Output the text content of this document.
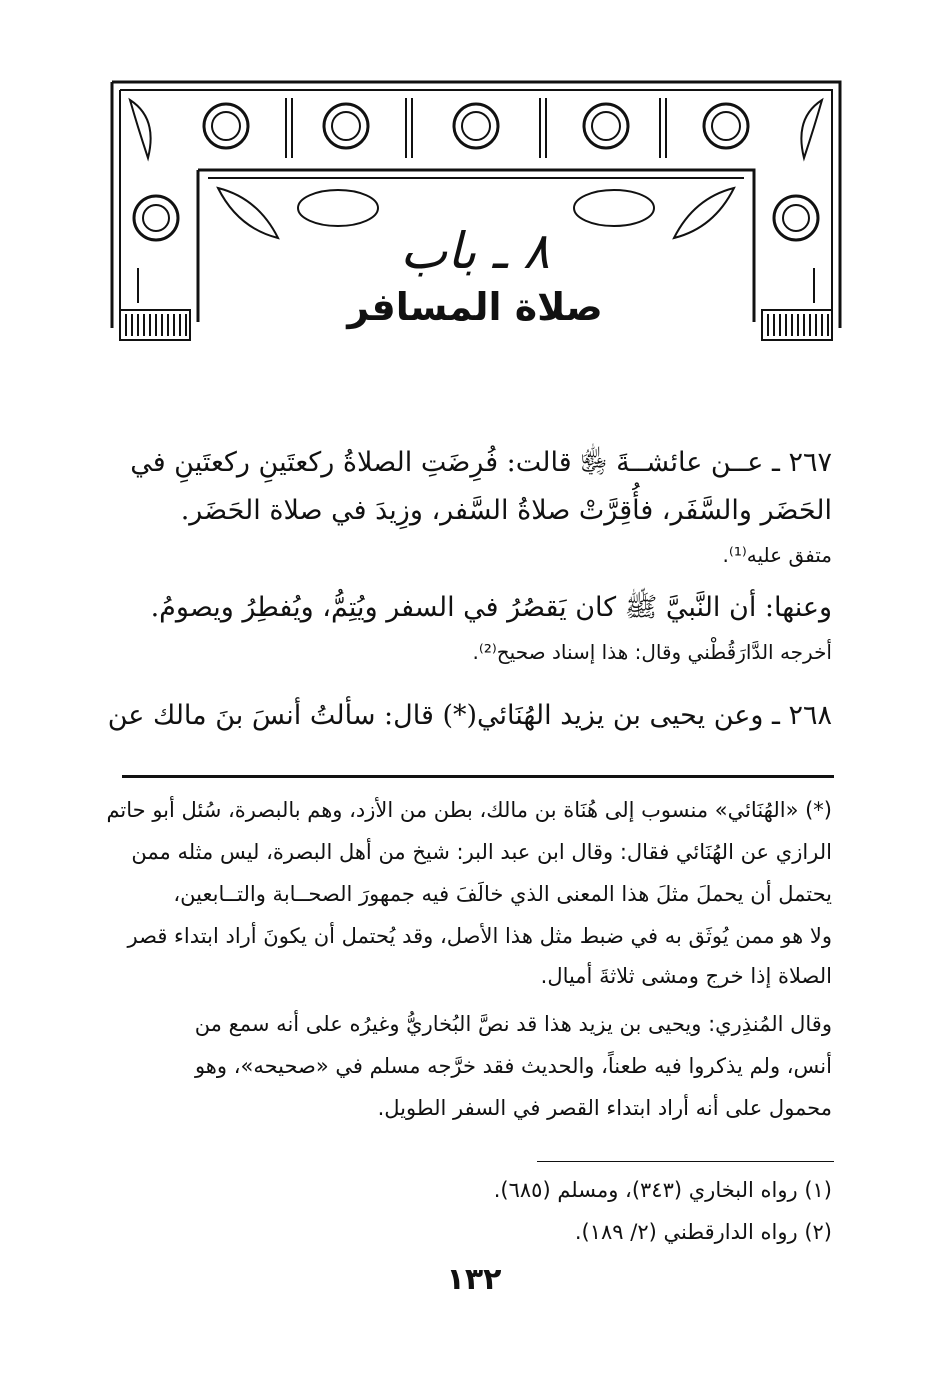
٨ ـ باب
صلاة المسافر
٢٦٧ ـ عــن عائشــةَ ﵂ قالت: فُرِضَتِ الصلاةُ ركعتَينِ ركعتَينِ في
الحَضَر والسَّفَر، فأُقِرَّتْ صلاةُ السَّفر، وزِيدَ في صلاة الحَضَر.
متفق عليه⁽¹⁾.
وعنها: أن النَّبيَّ ﷺ كان يَقصُرُ في السفر ويُتِمُّ، ويُفطِرُ ويصومُ.
أخرجه الدَّارَقُطْني وقال: هذا إسناد صحيح⁽²⁾.
٢٦٨ ـ وعن يحيى بن يزيد الهُنَائي(*) قال: سألتُ أنسَ بنَ مالك عن
(*) «الهُنَائي» منسوب إلى هُنَاة بن مالك، بطن من الأزد، وهم بالبصرة، سُئل أبو حاتم
الرازي عن الهُنَائي فقال: وقال ابن عبد البر: شيخ من أهل البصرة، ليس مثله ممن
يحتمل أن يحملَ مثلَ هذا المعنى الذي خالَفَ فيه جمهورَ الصحــابة والتــابعين،
ولا هو ممن يُوثَق به في ضبط مثل هذا الأصل، وقد يُحتمل أن يكونَ أراد ابتداء قصر
الصلاة إذا خرج ومشى ثلاثةَ أميال.
وقال المُنذِري: ويحيى بن يزيد هذا قد نصَّ البُخاريُّ وغيرُه على أنه سمع من
أنس، ولم يذكروا فيه طعناً، والحديث فقد خرَّجه مسلم في «صحيحه»، وهو
محمول على أنه أراد ابتداء القصر في السفر الطويل.
(١) رواه البخاري (٣٤٣)، ومسلم (٦٨٥).
(٢) رواه الدارقطني (٢/ ١٨٩).
١٣٢
